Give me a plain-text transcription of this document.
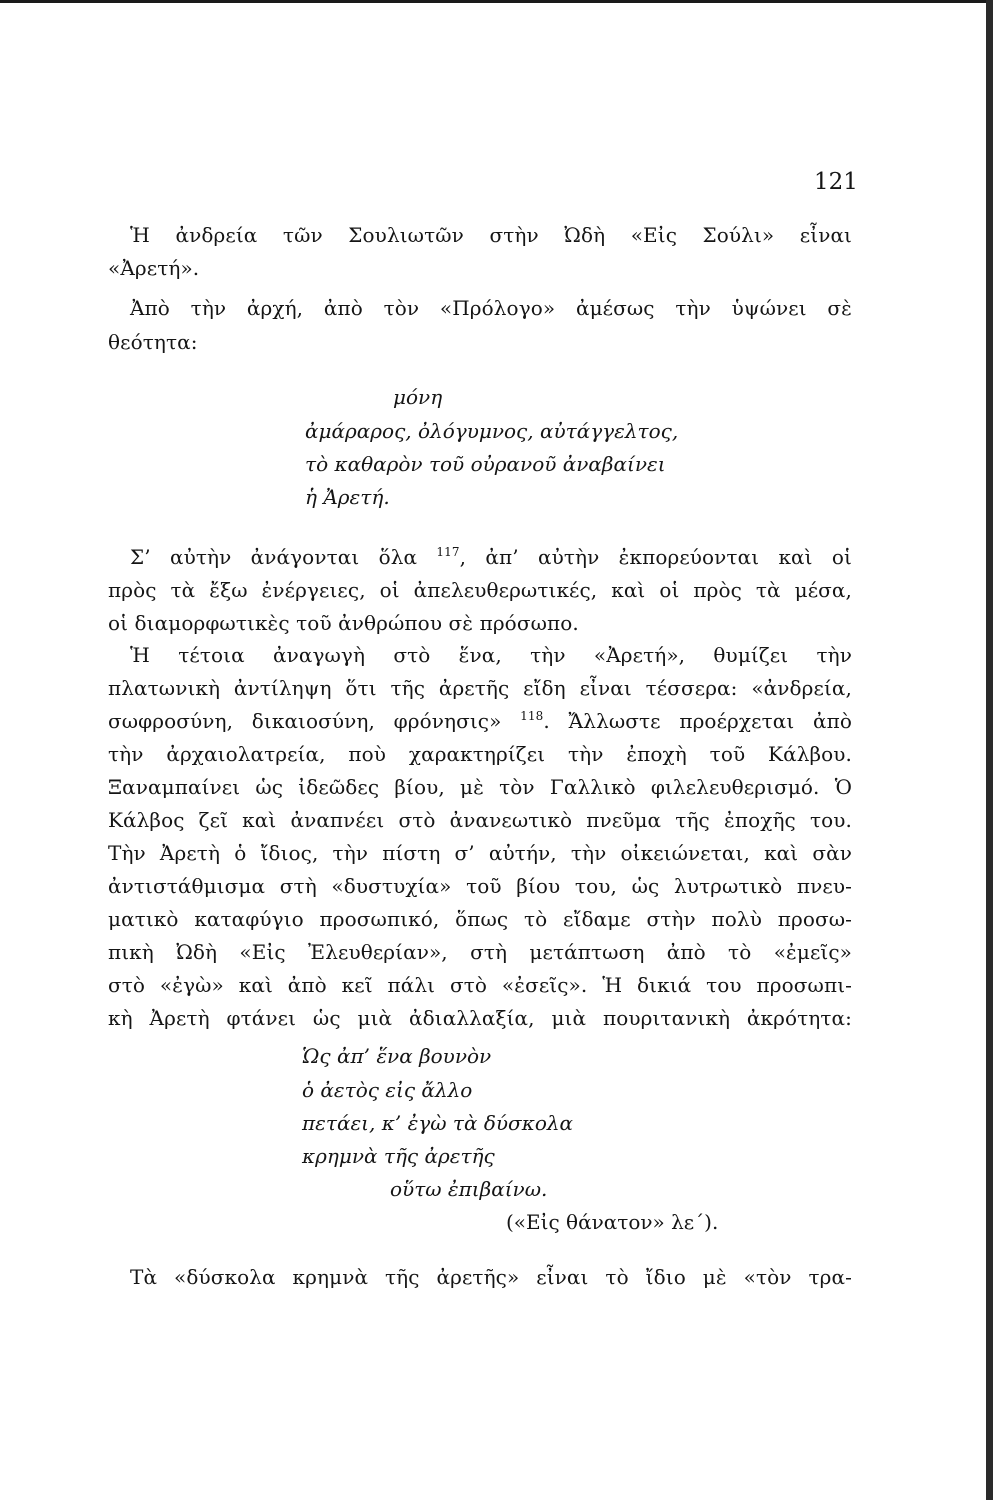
121
Ἡ ἀνδρεία τῶν Σουλιωτῶν στὴν Ὠδὴ «Εἰς Σούλι» εἶναι
«Ἀρετή».
Ἀπὸ τὴν ἀρχή, ἀπὸ τὸν «Πρόλογο» ἀμέσως τὴν ὑψώνει σὲ
θεότητα:
μόνη
ἀμάραρος, ὀλόγυμνος, αὐτάγγελτος,
τὸ καθαρὸν τοῦ οὐρανοῦ ἀναβαίνει
ἡ Ἀρετή.
Σ’ αὐτὴν ἀνάγονται ὅλα $^{117}$, ἀπ’ αὐτὴν ἐκπορεύονται καὶ οἱ
πρὸς τὰ ἔξω ἐνέργειες, οἱ ἀπελευθερωτικές, καὶ οἱ πρὸς τὰ μέσα,
οἱ διαμορφωτικὲς τοῦ ἀνθρώπου σὲ πρόσωπο.
Ἡ τέτοια ἀναγωγὴ στὸ ἕνα, τὴν «Ἀρετή», θυμίζει τὴν
πλατωνικὴ ἀντίληψη ὅτι τῆς ἀρετῆς εἴδη εἶναι τέσσερα: «ἀνδρεία,
σωφροσύνη, δικαιοσύνη, φρόνησις» $^{118}$. Ἄλλωστε προέρχεται ἀπὸ
τὴν ἀρχαιολατρεία, ποὺ χαρακτηρίζει τὴν ἐποχὴ τοῦ Κάλβου.
Ξαναμπαίνει ὡς ἰδεῶδες βίου, μὲ τὸν Γαλλικὸ φιλελευθερισμό. Ὁ
Κάλβος ζεῖ καὶ ἀναπνέει στὸ ἀνανεωτικὸ πνεῦμα τῆς ἐποχῆς του.
Τὴν Ἀρετὴ ὁ ἴδιος, τὴν πίστη σ’ αὐτήν, τὴν οἰκειώνεται, καὶ σὰν
ἀντιστάθμισμα στὴ «δυστυχία» τοῦ βίου του, ὡς λυτρωτικὸ πνευ-
ματικὸ καταφύγιο προσωπικό, ὅπως τὸ εἴδαμε στὴν πολὺ προσω-
πικὴ Ὠδὴ «Εἰς Ἐλευθερίαν», στὴ μετάπτωση ἀπὸ τὸ «ἐμεῖς»
στὸ «ἐγὼ» καὶ ἀπὸ κεῖ πάλι στὸ «ἐσεῖς». Ἡ δικιά του προσωπι-
κὴ Ἀρετὴ φτάνει ὡς μιὰ ἀδιαλλαξία, μιὰ πουριτανικὴ ἀκρότητα:
Ὡς ἀπ’ ἕνα βουνὸν
ὁ ἀετὸς εἰς ἄλλο
πετάει, κ’ ἐγὼ τὰ δύσκολα
κρημνὰ τῆς ἀρετῆς
οὕτω ἐπιβαίνω.
(«Εἰς θάνατον» λε΄).
Τὰ «δύσκολα κρημνὰ τῆς ἀρετῆς» εἶναι τὸ ἴδιο μὲ «τὸν τρα-
